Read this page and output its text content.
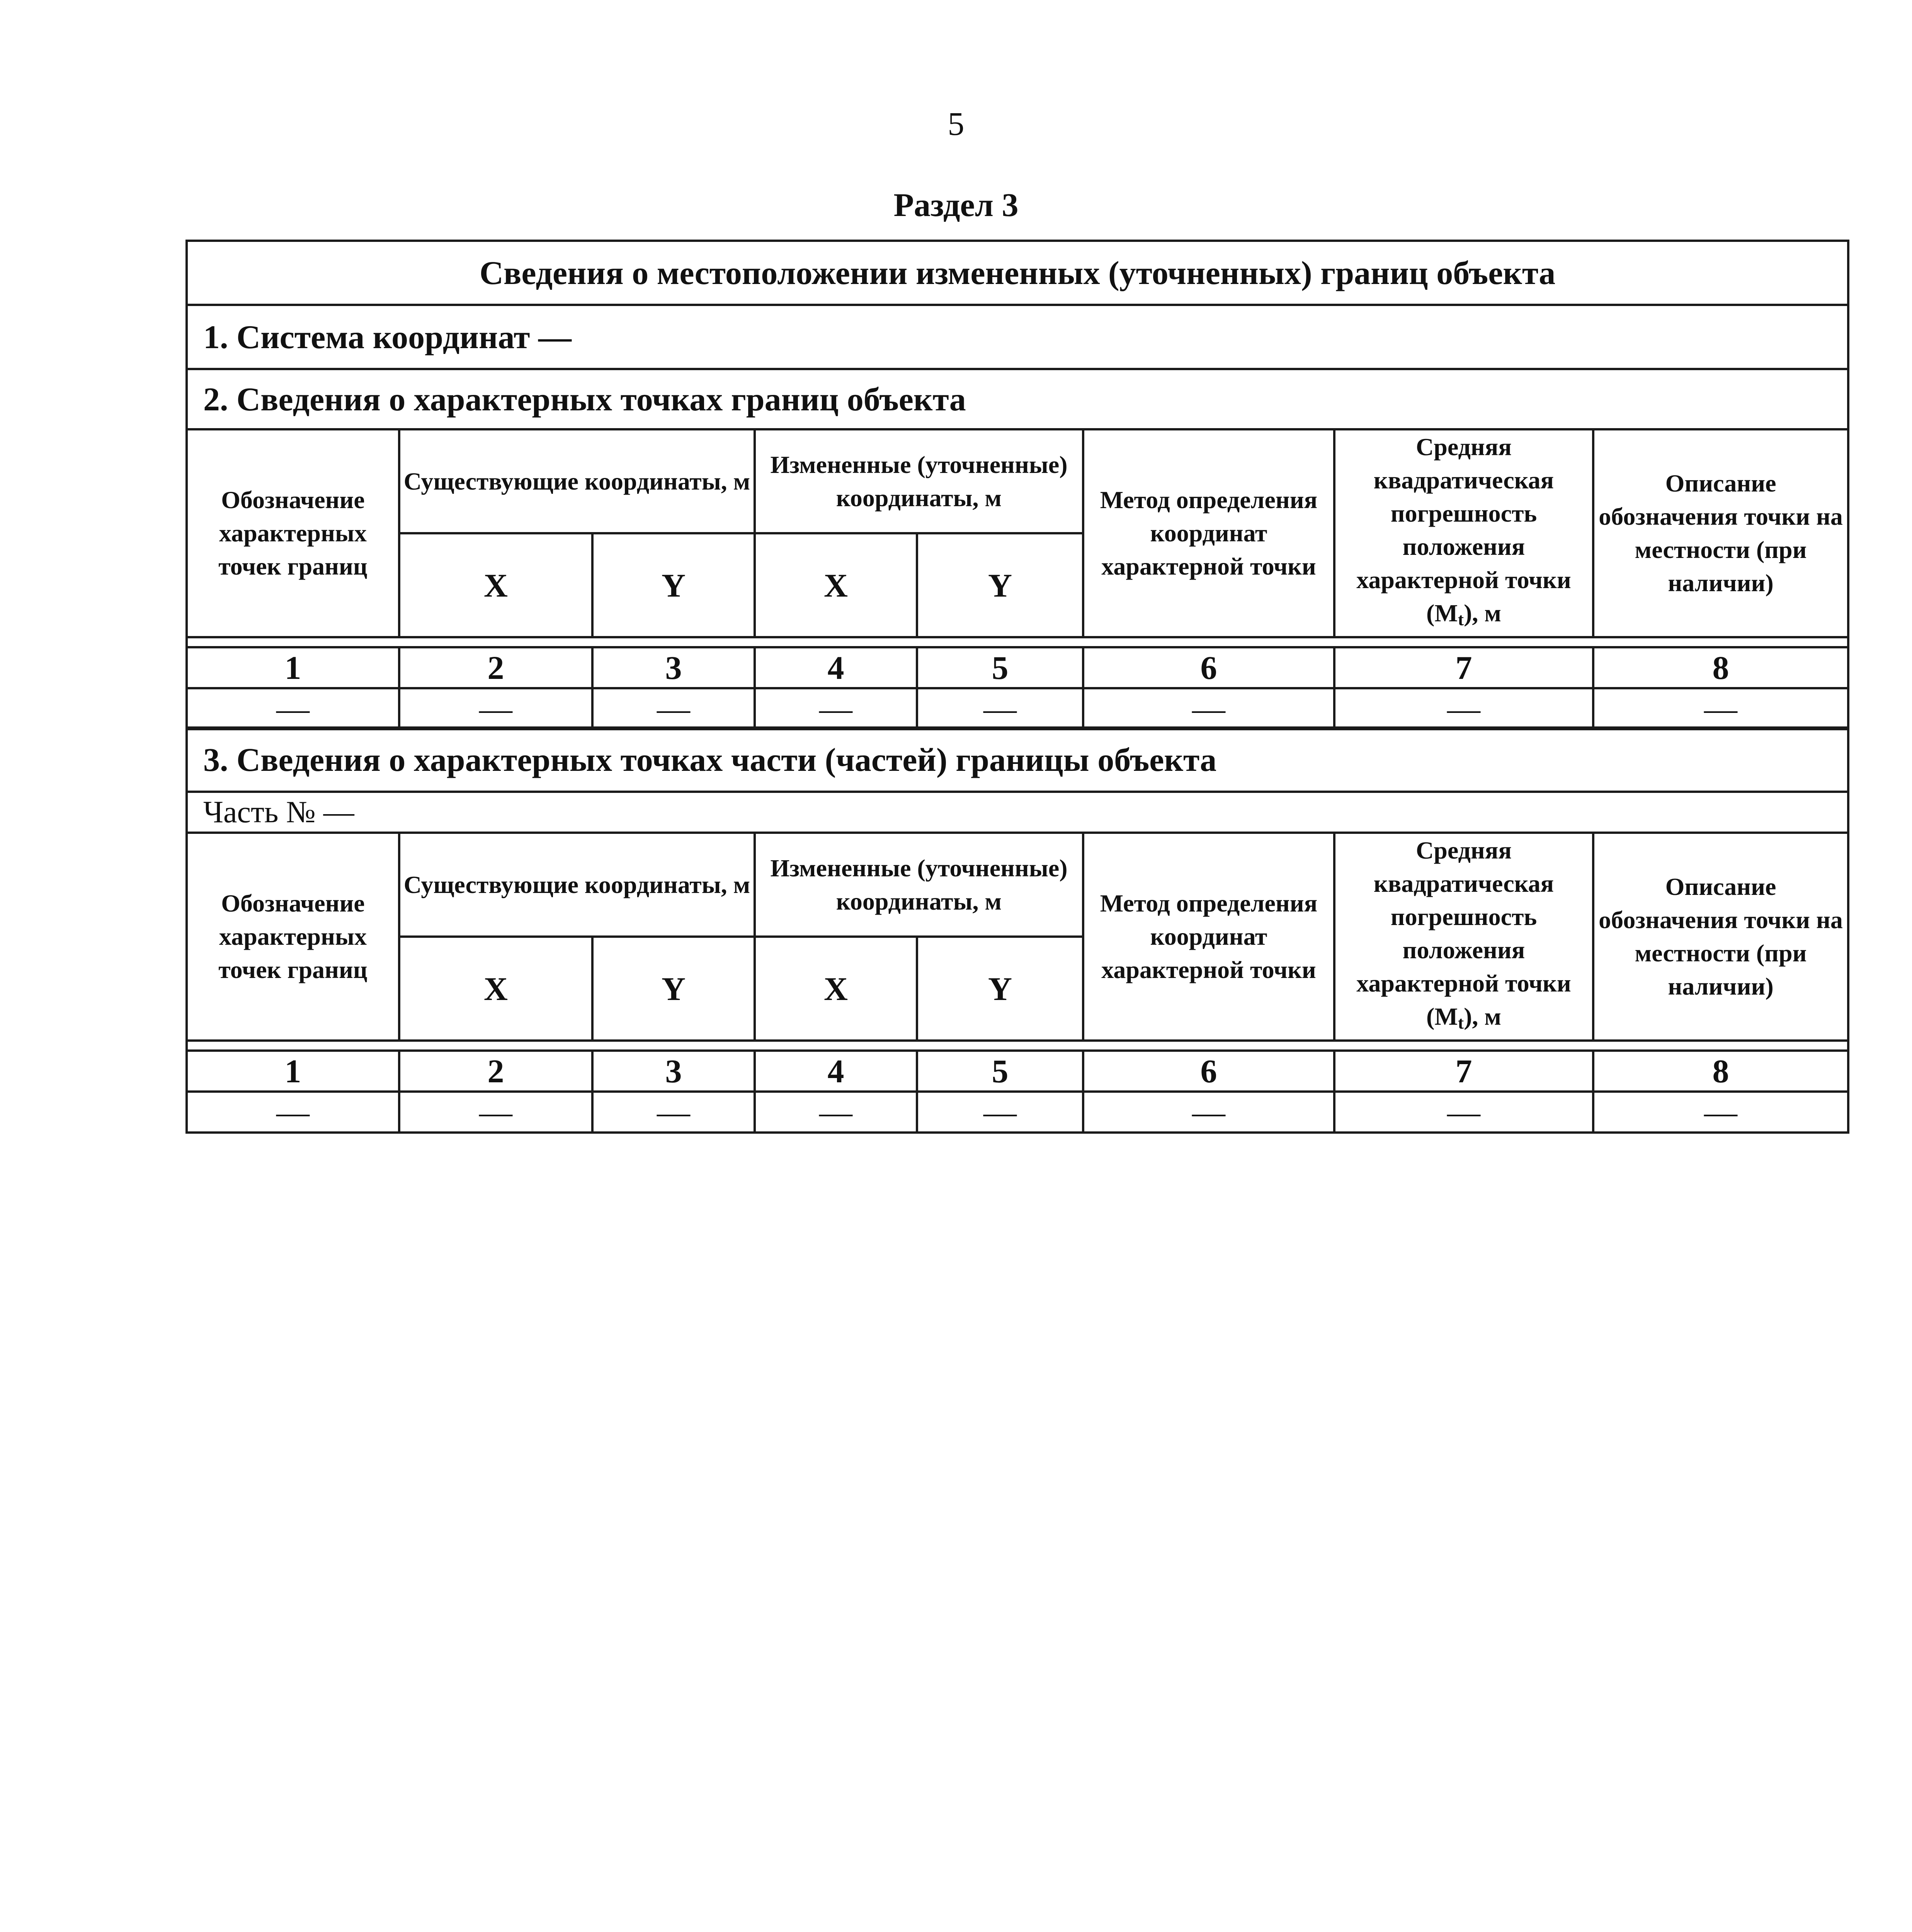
5
Раздел 3
Сведения о местоположении измененных (уточненных) границ объекта							
1. Система координат —							
2. Сведения о характерных точках границ объекта							
Обозначение характерных точек границ	Существующие координаты, м		Измененные (уточненные) координаты, м		Метод определения координат характерной точки	Средняя квадратическая погрешность положения характерной точки $(M_t)$, м	Описание обозначения точки на местности (при наличии)
	X	Y	X	Y			

1	2	3	4	5	6	7	8
—	—	—	—	—	—	—	—
3. Сведения о характерных точках части (частей) границы объекта							
Часть № —							
Обозначение характерных точек границ	Существующие координаты, м		Измененные (уточненные) координаты, м		Метод определения координат характерной точки	Средняя квадратическая погрешность положения характерной точки $(M_t)$, м	Описание обозначения точки на местности (при наличии)
	X	Y	X	Y			

1	2	3	4	5	6	7	8
—	—	—	—	—	—	—	—
